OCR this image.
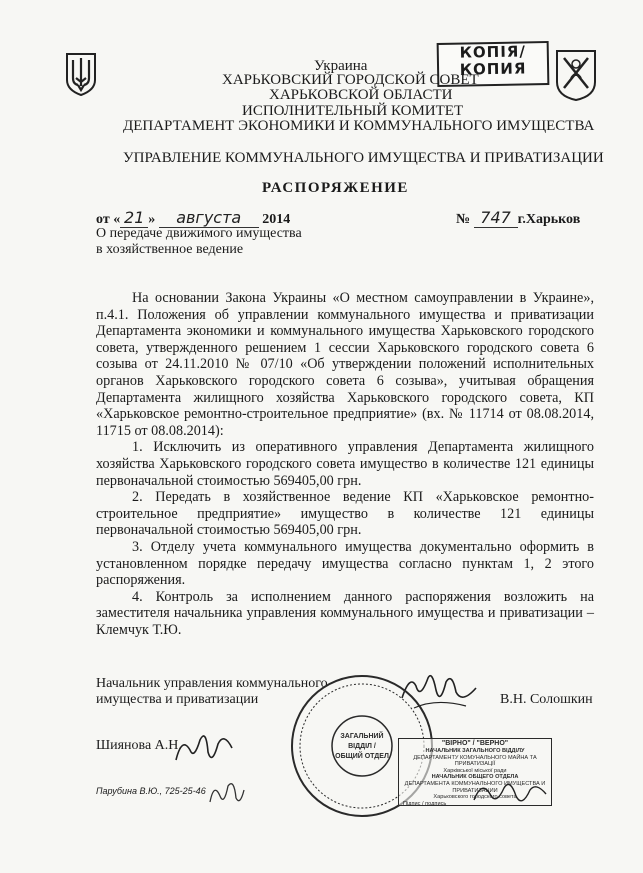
КОПІЯ/
КОПИЯ
Украина
ХАРЬКОВСКИЙ ГОРОДСКОЙ СОВЕТ
ХАРЬКОВСКОЙ ОБЛАСТИ
ИСПОЛНИТЕЛЬНЫЙ КОМИТЕТ
ДЕПАРТАМЕНТ ЭКОНОМИКИ И КОММУНАЛЬНОГО ИМУЩЕСТВА
УПРАВЛЕНИЕ КОММУНАЛЬНОГО ИМУЩЕСТВА И ПРИВАТИЗАЦИИ
РАСПОРЯЖЕНИЕ
от « 21 » августа 2014	№ 747 г.Харьков
О передаче движимого имущества
в хозяйственное ведение

На основании Закона Украины «О местном самоуправлении в Украине», п.4.1. Положения об управлении коммунального имущества и приватизации Департамента экономики и коммунального имущества Харьковского городского совета, утвержденного решением 1 сессии Харьковского городского совета 6 созыва от 24.11.2010 № 07/10 «Об утверждении положений исполнительных органов Харьковского городского совета 6 созыва», учитывая обращения Департамента жилищного хозяйства Харьковского городского совета, КП «Харьковское ремонтно-строительное предприятие» (вх. № 11714 от 08.08.2014, 11715 от 08.08.2014):

1. Исключить из оперативного управления Департамента жилищного хозяйства Харьковского городского совета имущество в количестве 121 единицы первоначальной стоимостью 569405,00 грн.

2. Передать в хозяйственное ведение КП «Харьковское ремонтно-строительное предприятие» имущество в количестве 121 единицы первоначальной стоимостью 569405,00 грн.

3. Отделу учета коммунального имущества документально оформить в установленном порядке передачу имущества согласно пунктам 1, 2 этого распоряжения.

4. Контроль за исполнением данного распоряжения возложить на заместителя начальника управления коммунального имущества и приватизации – Клемчук Т.Ю.

Начальник управления коммунального
имущества и приватизации	В.Н. Солошкин
Шиянова А.Н.
Парубина В.Ю., 725-25-46
ЗАГАЛЬНИЙ
ВІДДІЛ /
ОБЩИЙ ОТДЕЛ
"ВІРНО" / "ВЕРНО"
НАЧАЛЬНИК ЗАГАЛЬНОГО ВІДДІЛУ
ДЕПАРТАМЕНТУ КОМУНАЛЬНОГО МАЙНА ТА ПРИВАТИЗАЦІЇ
Харківської міської ради
НАЧАЛЬНИК ОБЩЕГО ОТДЕЛА
ДЕПАРТАМЕНТА КОММУНАЛЬНОГО ИМУЩЕСТВА И ПРИВАТИЗАЦИИ
Харьковского городского совета
Підпис / подпись
